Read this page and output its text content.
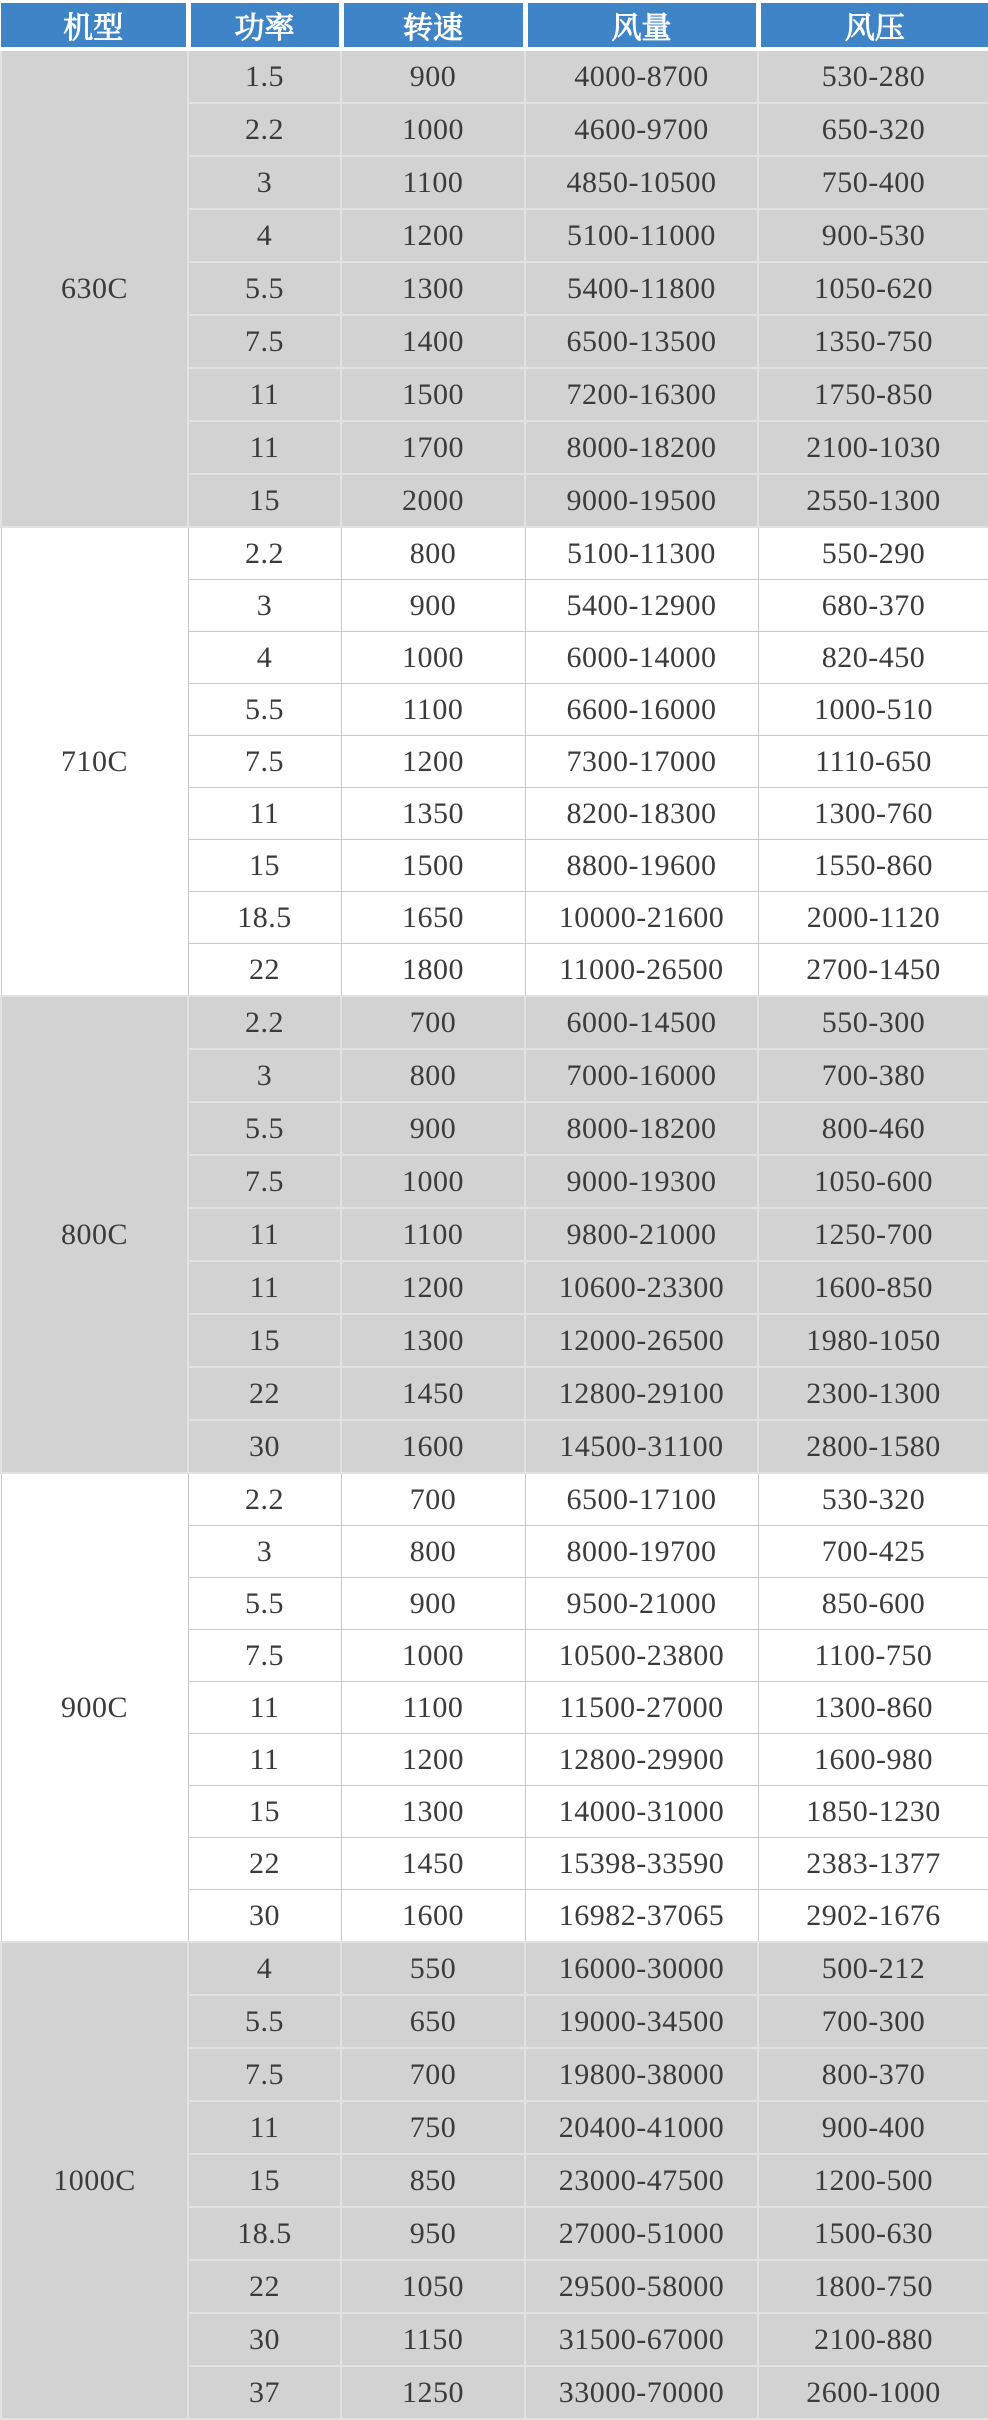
机型	功率	转速	风量	风压
630C	1.5	900	4000-8700	530-280
	2.2	1000	4600-9700	650-320
	3	1100	4850-10500	750-400
	4	1200	5100-11000	900-530
	5.5	1300	5400-11800	1050-620
	7.5	1400	6500-13500	1350-750
	11	1500	7200-16300	1750-850
	11	1700	8000-18200	2100-1030
	15	2000	9000-19500	2550-1300
710C	2.2	800	5100-11300	550-290
	3	900	5400-12900	680-370
	4	1000	6000-14000	820-450
	5.5	1100	6600-16000	1000-510
	7.5	1200	7300-17000	1110-650
	11	1350	8200-18300	1300-760
	15	1500	8800-19600	1550-860
	18.5	1650	10000-21600	2000-1120
	22	1800	11000-26500	2700-1450
800C	2.2	700	6000-14500	550-300
	3	800	7000-16000	700-380
	5.5	900	8000-18200	800-460
	7.5	1000	9000-19300	1050-600
	11	1100	9800-21000	1250-700
	11	1200	10600-23300	1600-850
	15	1300	12000-26500	1980-1050
	22	1450	12800-29100	2300-1300
	30	1600	14500-31100	2800-1580
900C	2.2	700	6500-17100	530-320
	3	800	8000-19700	700-425
	5.5	900	9500-21000	850-600
	7.5	1000	10500-23800	1100-750
	11	1100	11500-27000	1300-860
	11	1200	12800-29900	1600-980
	15	1300	14000-31000	1850-1230
	22	1450	15398-33590	2383-1377
	30	1600	16982-37065	2902-1676
1000C	4	550	16000-30000	500-212
	5.5	650	19000-34500	700-300
	7.5	700	19800-38000	800-370
	11	750	20400-41000	900-400
	15	850	23000-47500	1200-500
	18.5	950	27000-51000	1500-630
	22	1050	29500-58000	1800-750
	30	1150	31500-67000	2100-880
	37	1250	33000-70000	2600-1000
